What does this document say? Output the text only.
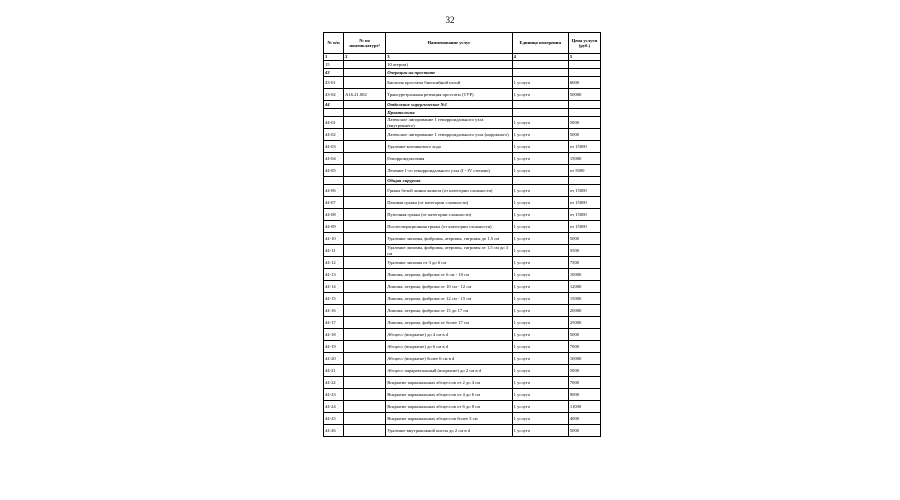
32
№ п/п	№ по номенклатуре¹	Наименование услуг	Единица измерения	Цена услуги (руб.)
1	2	3	4	5
15		10 атером)		
43		Операции на простате		
43-01		Биопсия простаты биопсийной иглой	1 услуга	6000
43-02	A16.21.002	Трансуретральная резекция простаты (ТУР)	1 услуга	50000
44		Отделение хирургическое №1		
		Проктология		
44-01		Латексное лигирование 1 геморроидального узла (внутреннего)	1 услуга	5000
44-02		Латексное лигирование 1 геморроидального узла (наружного)	1 услуга	5000
44-03		Удаление копчикового хода	1 услуга	от 15000
44-04		Геморроидэктомия	1 услуга	15000
44-05		Лечение 1-го геморроидального узла (I - IV степень)	1 услуга	от 5000
		Общая хирургия		
44-06		Грыжа белой линии живота (от категории сложности)	1 услуга	от 15000
44-07		Паховая грыжа (от категории сложности)	1 услуга	от 15000
44-08		Пупочная грыжа (от категории сложности)	1 услуга	от 15000
44-09		Послеоперационная грыжа (от категории сложности)	1 услуга	от 15000
44-10		Удаление липомы, фибромы, атеромы, гигромы до 1,5 см	1 услуга	5000
44-11		Удаление липомы, фибромы, атеромы, гигромы от 1,5 см до 3 см	1 услуга	5500
44-12		Удаление липомы от 3 до 6 см	1 услуга	7500
44-13		Липома, атерома, фиброма от 6 см - 10 см	1 услуга	10000
44-14		Липома, атерома, фиброма от 10 см - 12 см	1 услуга	12000
44-15		Липома, атерома, фиброма от 12 см - 15 см	1 услуга	15000
44-16		Липома, атерома, фиброма от 15 до 17 см	1 услуга	20000
44-17		Липома, атерома, фиброма от более 17 см	1 услуга	25000
44-18		Абсцесс (вскрытие) до 4 см в d	1 услуга	5000
44-19		Абсцесс (вскрытие) до 6 см в d	1 услуга	7000
44-20		Абсцесс (вскрытие) более 6 см в d	1 услуга	10000
44-21		Абсцесс параректальный (вскрытие) до 2 см в d	1 услуга	5000
44-22		Вскрытие параанальных абсцессов от 2 до 4 см	1 услуга	7000
44-23		Вскрытие параанальных абсцессов от 4 до 6 см	1 услуга	9000
44-24		Вскрытие параанальных абсцессов от 6 до 8 см	1 услуга	11000
44-25		Вскрытие параанальных абсцессов более 3 см	1 услуга	4000
44-26		Удаление внутрикожной кисты до 2 см в d	1 услуга	5000
